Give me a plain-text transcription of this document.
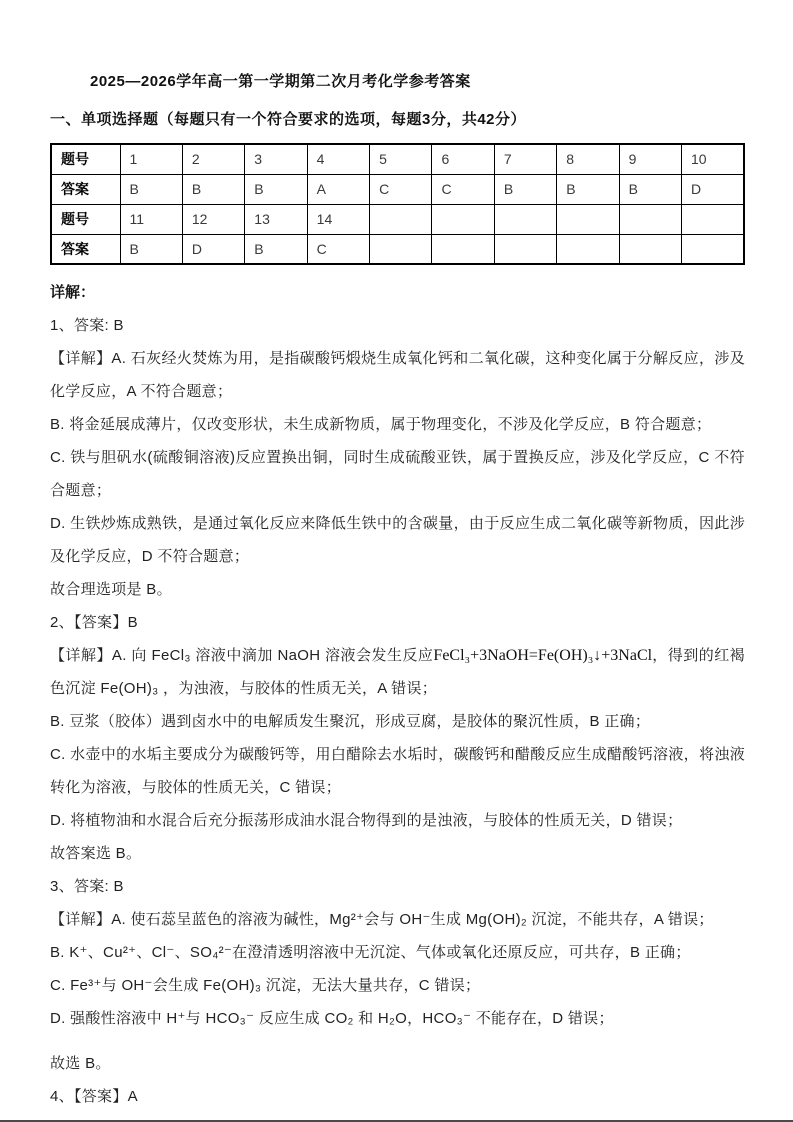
2025—2026学年高一第一学期第二次月考化学参考答案
一、单项选择题（每题只有一个符合要求的选项，每题3分，共42分）
题号	1	2	3	4	5	6	7	8	9	10
答案	B	B	B	A	C	C	B	B	B	D
题号	11	12	13	14						
答案	B	D	B	C						
详解：

1、答案: B

【详解】A. 石灰经火焚炼为用，是指碳酸钙煅烧生成氧化钙和二氧化碳，这种变化属于分解反应，涉及化学反应，A 不符合题意；

B. 将金延展成薄片，仅改变形状，未生成新物质，属于物理变化，不涉及化学反应，B 符合题意；

C. 铁与胆矾水(硫酸铜溶液)反应置换出铜，同时生成硫酸亚铁，属于置换反应，涉及化学反应，C 不符合题意；

D. 生铁炒炼成熟铁，是通过氧化反应来降低生铁中的含碳量，由于反应生成二氧化碳等新物质，因此涉及化学反应，D 不符合题意；

故合理选项是 B。

2、【答案】B

【详解】A. 向 FeCl₃ 溶液中滴加 NaOH 溶液会发生反应FeCl₃+3NaOH=Fe(OH)₃↓+3NaCl，得到的红褐色沉淀 Fe(OH)₃ ，为浊液，与胶体的性质无关，A 错误；

B. 豆浆（胶体）遇到卤水中的电解质发生聚沉，形成豆腐，是胶体的聚沉性质，B 正确；

C. 水壶中的水垢主要成分为碳酸钙等，用白醋除去水垢时，碳酸钙和醋酸反应生成醋酸钙溶液，将浊液转化为溶液，与胶体的性质无关，C 错误；

D. 将植物油和水混合后充分振荡形成油水混合物得到的是浊液，与胶体的性质无关，D 错误；

故答案选 B。

3、答案: B

【详解】A. 使石蕊呈蓝色的溶液为碱性，Mg²⁺会与 OH⁻生成 Mg(OH)₂ 沉淀，不能共存，A 错误；

B. K⁺、Cu²⁺、Cl⁻、SO₄²⁻在澄清透明溶液中无沉淀、气体或氧化还原反应，可共存，B 正确；

C. Fe³⁺与 OH⁻会生成 Fe(OH)₃ 沉淀，无法大量共存，C 错误；

D. 强酸性溶液中 H⁺与 HCO₃⁻ 反应生成 CO₂ 和 H₂O，HCO₃⁻ 不能存在，D 错误；

故选 B。

4、【答案】A
